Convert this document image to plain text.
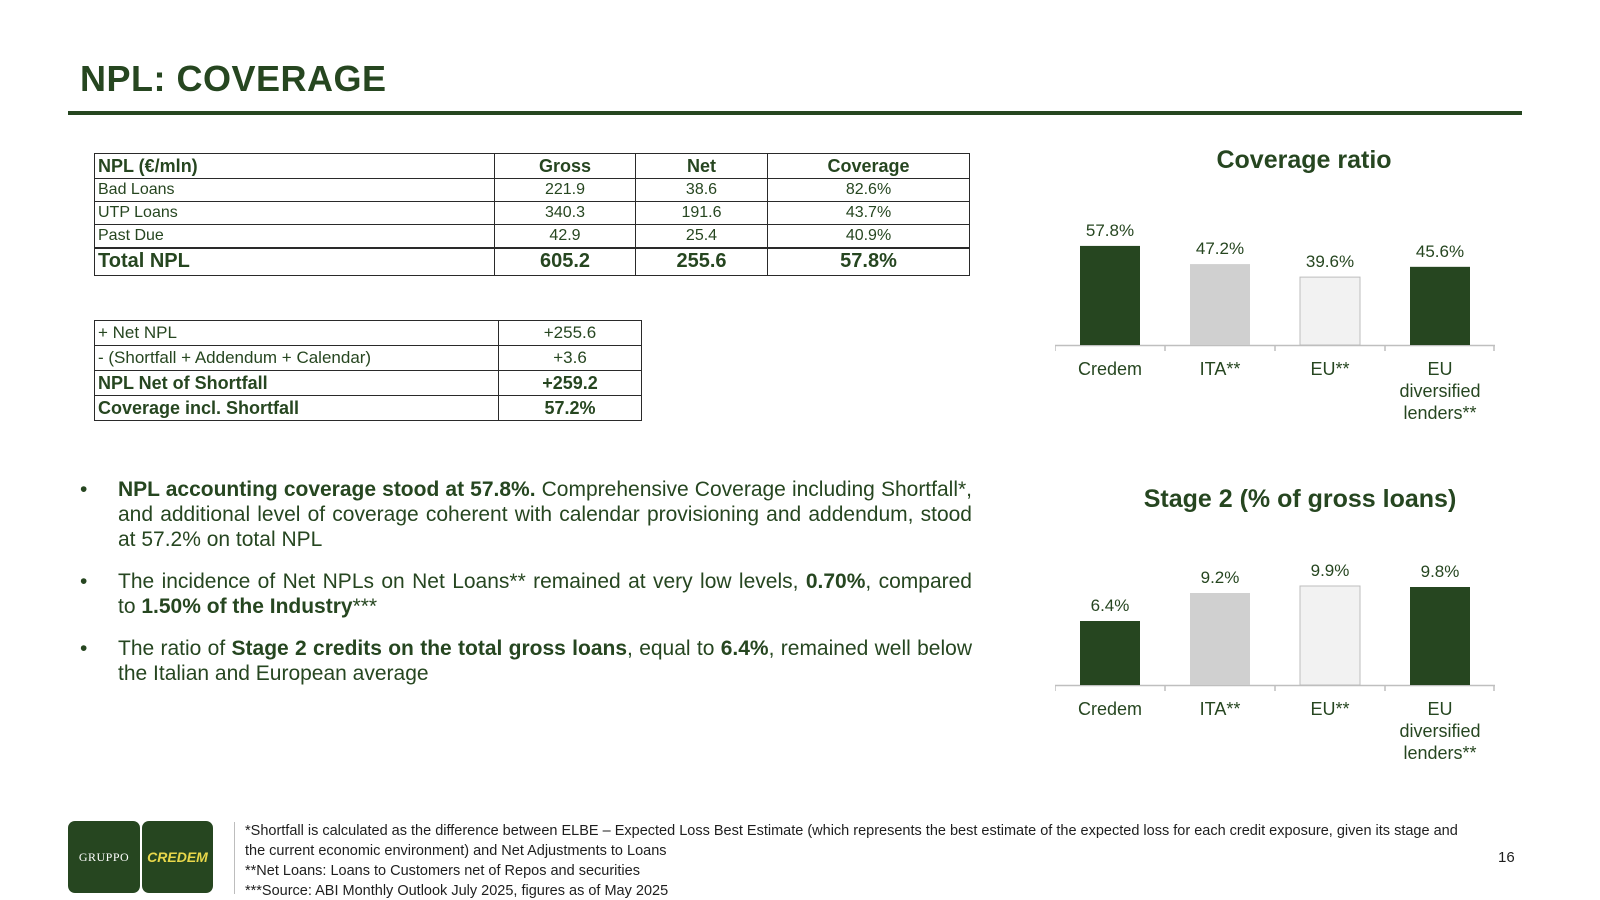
NPL: COVERAGE
NPL (€/mln)	Gross	Net	Coverage
Bad Loans	221.9	38.6	82.6%
UTP Loans	340.3	191.6	43.7%
Past Due	42.9	25.4	40.9%
Total NPL	605.2	255.6	57.8%
+ Net NPL	+255.6
- (Shortfall + Addendum + Calendar)	+3.6
NPL Net of Shortfall	+259.2
Coverage incl. Shortfall	57.2%
• NPL accounting coverage stood at 57.8%. Comprehensive Coverage including Shortfall*, and additional level of coverage coherent with calendar provisioning and addendum, stood at 57.2% on total NPL
• The incidence of Net NPLs on Net Loans** remained at very low levels, 0.70%, compared to 1.50% of the Industry***
• The ratio of Stage 2 credits on the total gross loans, equal to 6.4%, remained well below the Italian and European average
Coverage ratio
57.8%
Credem
47.2%
ITA**
39.6%
EU**
45.6%
EU diversified lenders**
Stage 2 (% of gross loans)
6.4%
Credem
9.2%
ITA**
9.9%
EU**
9.8%
EU diversified lenders**
GRUPPO	CREDEM
*Shortfall is calculated as the difference between ELBE – Expected Loss Best Estimate (which represents the best estimate of the expected loss for each credit exposure, given its stage and the current economic environment) and Net Adjustments to Loans
**Net Loans: Loans to Customers net of Repos and securities
***Source: ABI Monthly Outlook July 2025, figures as of May 2025
16
